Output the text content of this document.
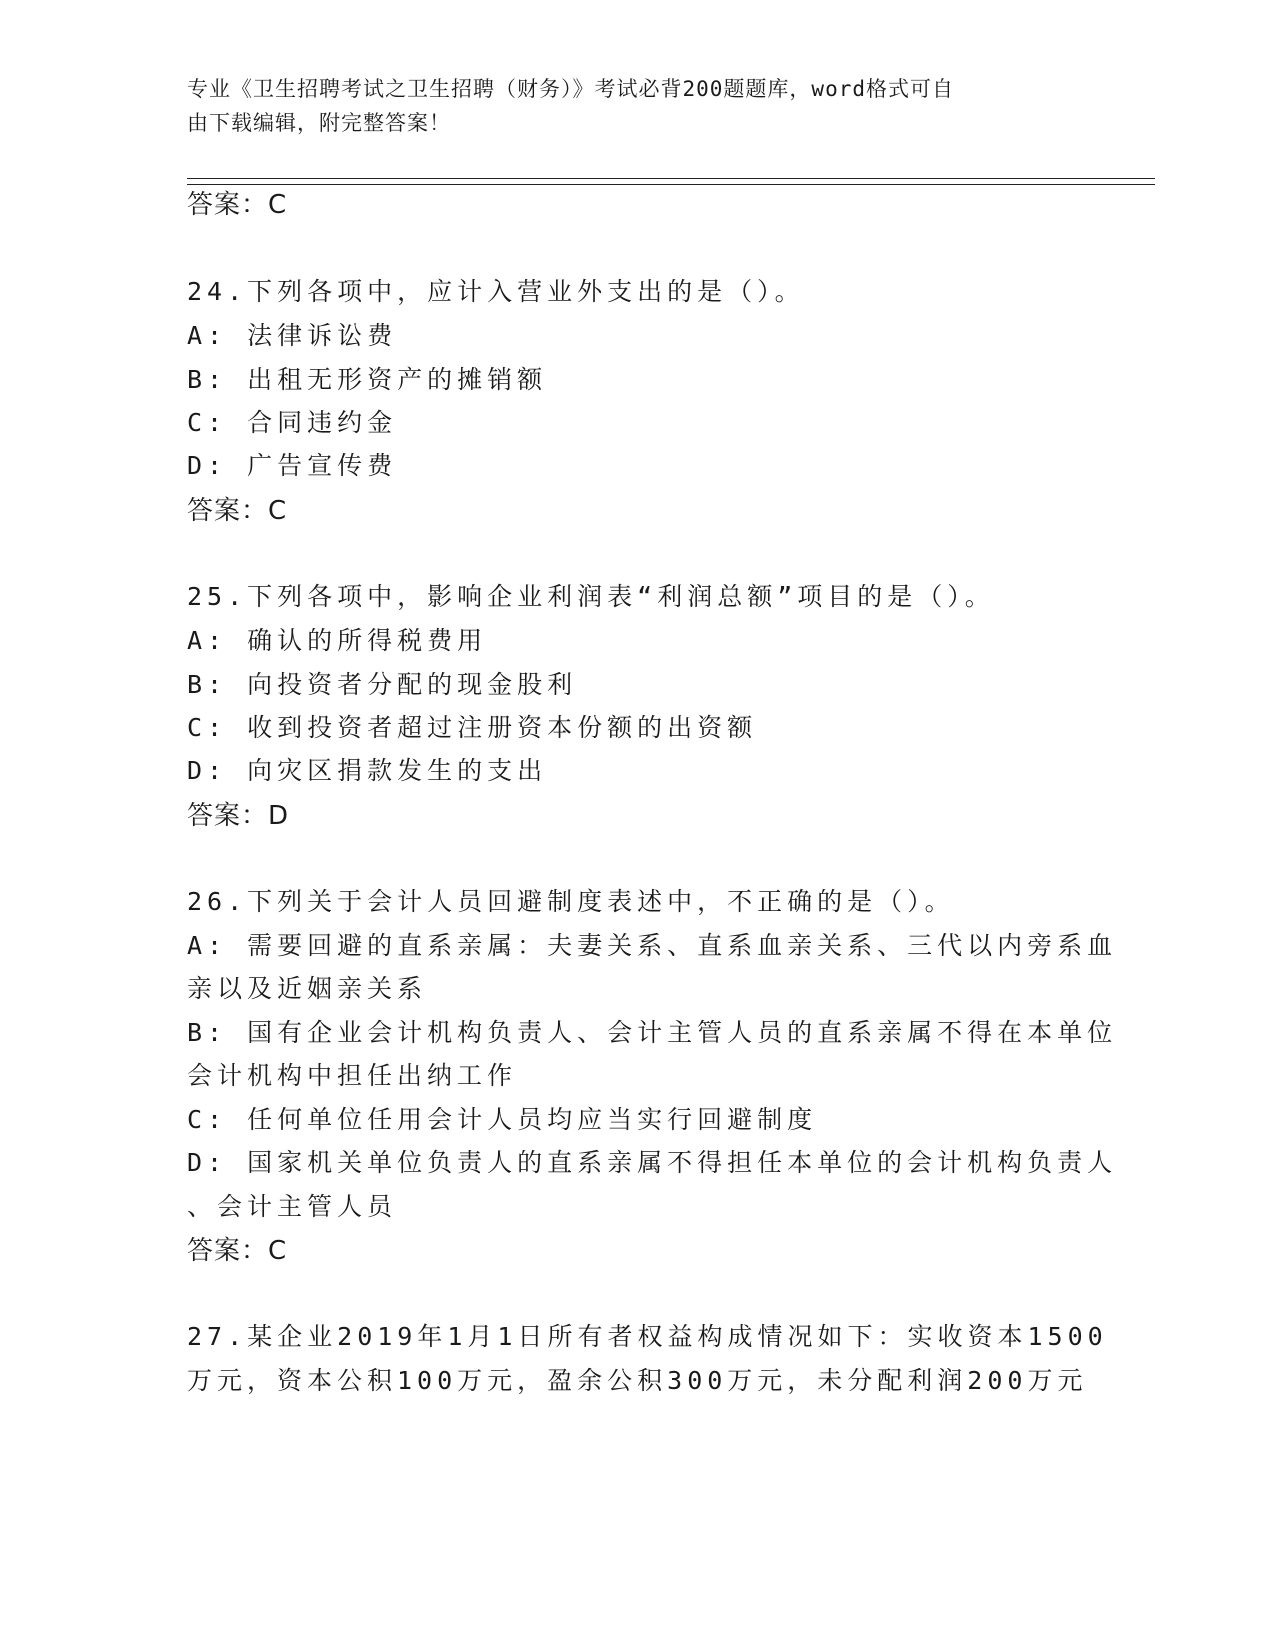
专业《卫生招聘考试之卫生招聘（财务）》考试必背200题题库，word格式可自
由下载编辑，附完整答案！
答案：C
24.下列各项中，应计入营业外支出的是（）。
A: 法律诉讼费
B: 出租无形资产的摊销额
C: 合同违约金
D: 广告宣传费
答案：C
25.下列各项中，影响企业利润表“利润总额”项目的是（）。
A: 确认的所得税费用
B: 向投资者分配的现金股利
C: 收到投资者超过注册资本份额的出资额
D: 向灾区捐款发生的支出
答案：D
26.下列关于会计人员回避制度表述中，不正确的是（）。
A: 需要回避的直系亲属：夫妻关系、直系血亲关系、三代以内旁系血
亲以及近姻亲关系
B: 国有企业会计机构负责人、会计主管人员的直系亲属不得在本单位
会计机构中担任出纳工作
C: 任何单位任用会计人员均应当实行回避制度
D: 国家机关单位负责人的直系亲属不得担任本单位的会计机构负责人
、会计主管人员
答案：C
27.某企业2019年1月1日所有者权益构成情况如下：实收资本1500
万元，资本公积100万元，盈余公积300万元，未分配利润200万元
